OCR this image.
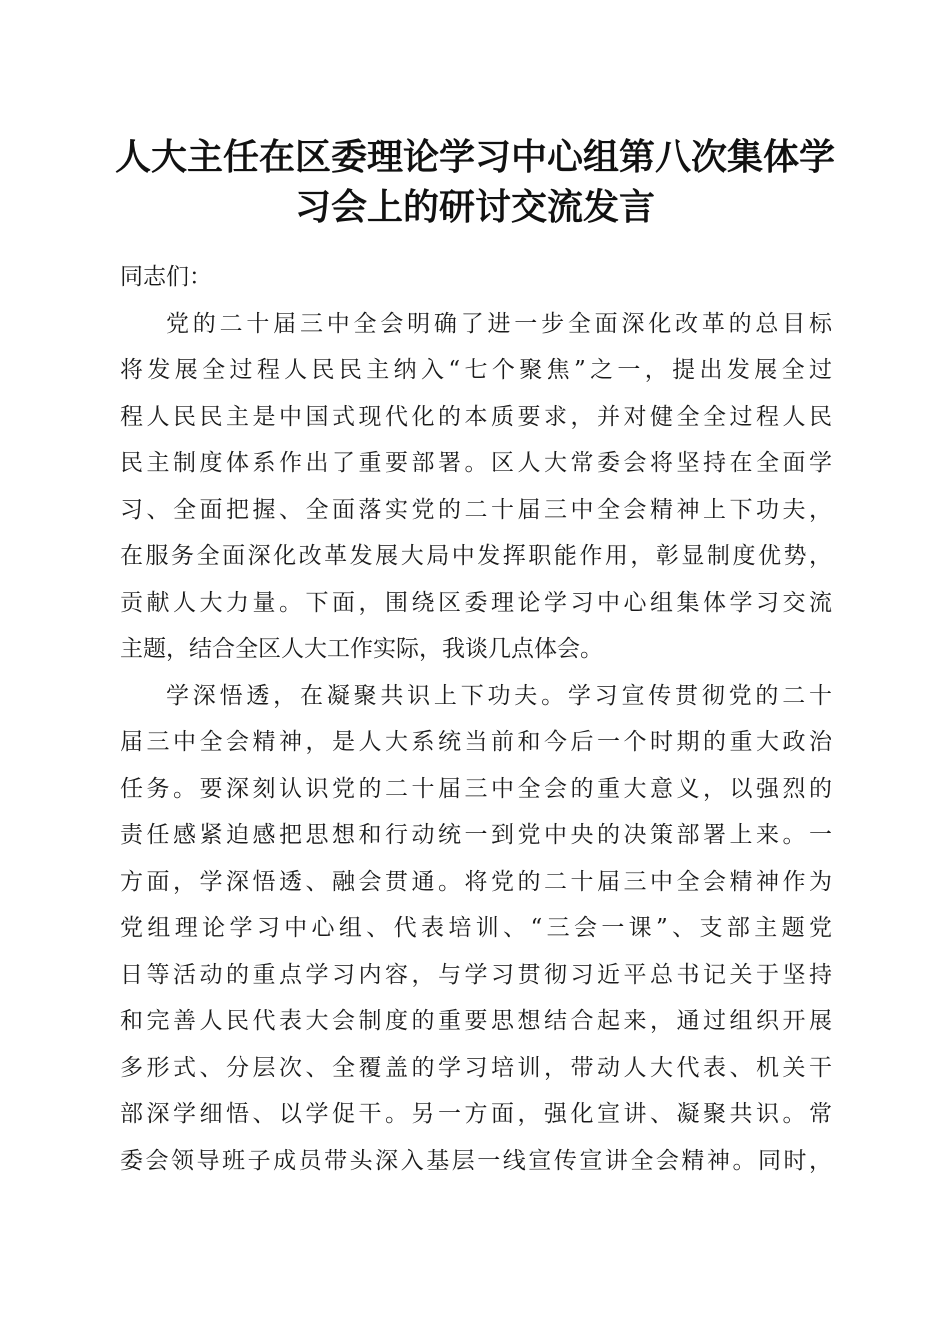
人大主任在区委理论学习中心组第八次集体学
习会上的研讨交流发言

同志们：

党的二十届三中全会明确了进一步全面深化改革的总目标
将发展全过程人民民主纳入“七个聚焦”之一，提出发展全过
程人民民主是中国式现代化的本质要求，并对健全全过程人民
民主制度体系作出了重要部署。区人大常委会将坚持在全面学
习、全面把握、全面落实党的二十届三中全会精神上下功夫，
在服务全面深化改革发展大局中发挥职能作用，彰显制度优势，
贡献人大力量。下面，围绕区委理论学习中心组集体学习交流
主题，结合全区人大工作实际，我谈几点体会。

学深悟透，在凝聚共识上下功夫。学习宣传贯彻党的二十
届三中全会精神，是人大系统当前和今后一个时期的重大政治
任务。要深刻认识党的二十届三中全会的重大意义，以强烈的
责任感紧迫感把思想和行动统一到党中央的决策部署上来。一
方面，学深悟透、融会贯通。将党的二十届三中全会精神作为
党组理论学习中心组、代表培训、“三会一课”、支部主题党
日等活动的重点学习内容，与学习贯彻习近平总书记关于坚持
和完善人民代表大会制度的重要思想结合起来，通过组织开展
多形式、分层次、全覆盖的学习培训，带动人大代表、机关干
部深学细悟、以学促干。另一方面，强化宣讲、凝聚共识。常
委会领导班子成员带头深入基层一线宣传宣讲全会精神。同时，
